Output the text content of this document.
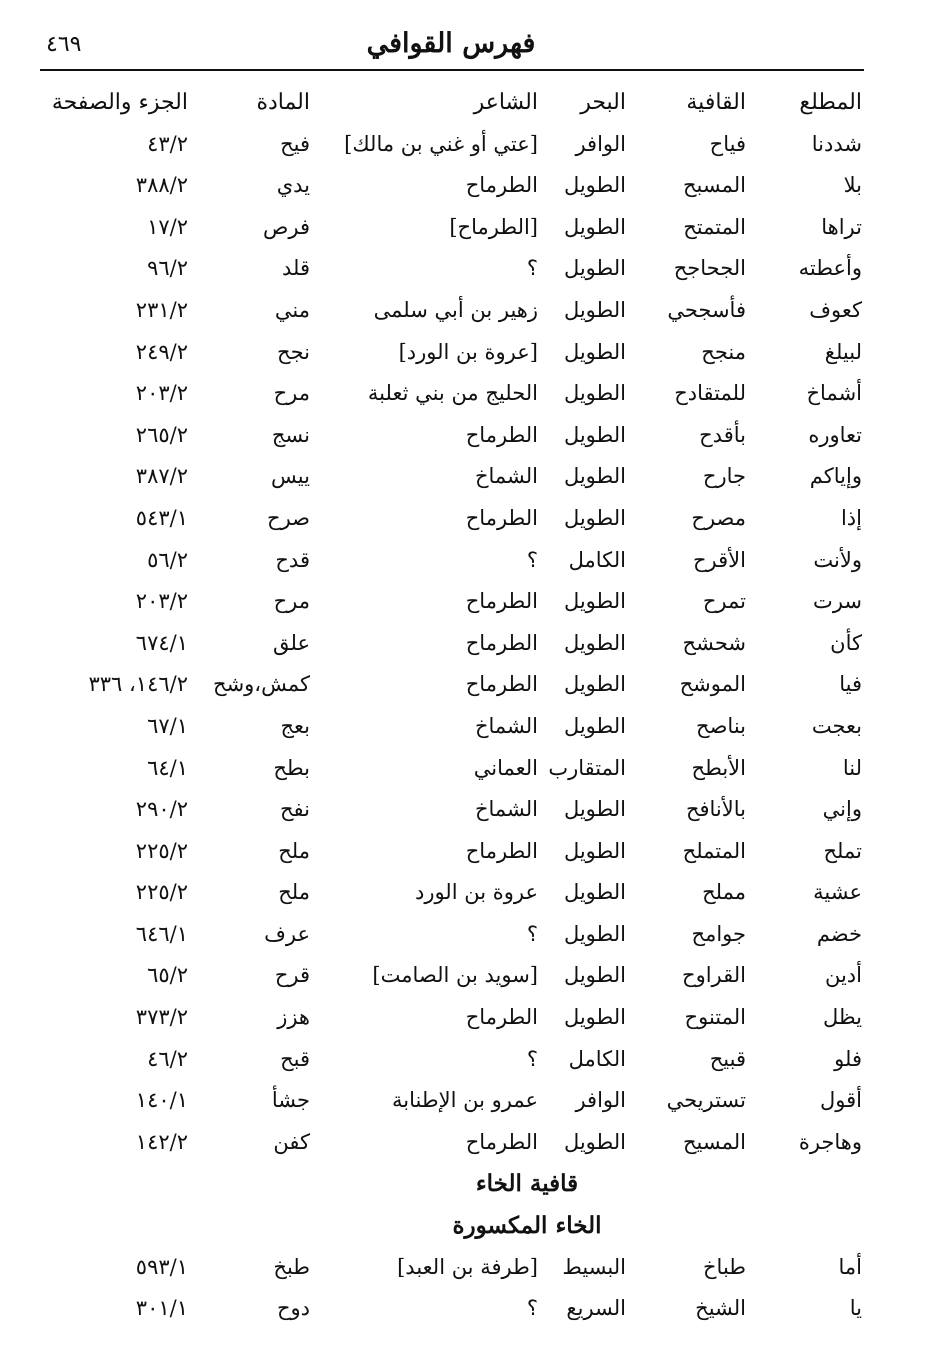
فهرس القوافي
٤٦٩
المطلع
القافية
البحر
الشاعر
المادة
الجزء والصفحة
شددنا
فياح
الوافر
[عتي أو غني بن مالك]
فيح
٤٣/٢
بلا
المسبح
الطويل
الطرماح
يدي
٣٨٨/٢
تراها
المتمتح
الطويل
[الطرماح]
فرص
١٧/٢
وأعطته
الجحاجح
الطويل
؟
قلد
٩٦/٢
كعوف
فأسجحي
الطويل
زهير بن أبي سلمى
مني
٢٣١/٢
لبيلغ
منجح
الطويل
[عروة بن الورد]
نجح
٢٤٩/٢
أشماخ
للمتقادح
الطويل
الحليج من بني ثعلبة
مرح
٢٠٣/٢
تعاوره
بأقدح
الطويل
الطرماح
نسج
٢٦٥/٢
وإياكم
جارح
الطويل
الشماخ
ييس
٣٨٧/٢
إذا
مصرح
الطويل
الطرماح
صرح
٥٤٣/١
ولأنت
الأقرح
الكامل
؟
قدح
٥٦/٢
سرت
تمرح
الطويل
الطرماح
مرح
٢٠٣/٢
كأن
شحشح
الطويل
الطرماح
علق
٦٧٤/١
فيا
الموشح
الطويل
الطرماح
كمش،وشح
١٤٦/٢، ٣٣٦
بعجت
بناصح
الطويل
الشماخ
بعج
٦٧/١
لنا
الأبطح
المتقارب
العماني
بطح
٦٤/١
وإني
بالأنافح
الطويل
الشماخ
نفح
٢٩٠/٢
تملح
المتملح
الطويل
الطرماح
ملح
٢٢٥/٢
عشية
مملح
الطويل
عروة بن الورد
ملح
٢٢٥/٢
خضم
جوامح
الطويل
؟
عرف
٦٤٦/١
أدين
القراوح
الطويل
[سويد بن الصامت]
قرح
٦٥/٢
يظل
المتنوح
الطويل
الطرماح
هزز
٣٧٣/٢
فلو
قبيح
الكامل
؟
قبح
٤٦/٢
أقول
تستريحي
الوافر
عمرو بن الإطنابة
جشأ
١٤٠/١
وهاجرة
المسيح
الطويل
الطرماح
كفن
١٤٢/٢
قافية الخاء
الخاء المكسورة
أما
طباخ
البسيط
[طرفة بن العبد]
طبخ
٥٩٣/١
يا
الشيخ
السريع
؟
دوح
٣٠١/١
